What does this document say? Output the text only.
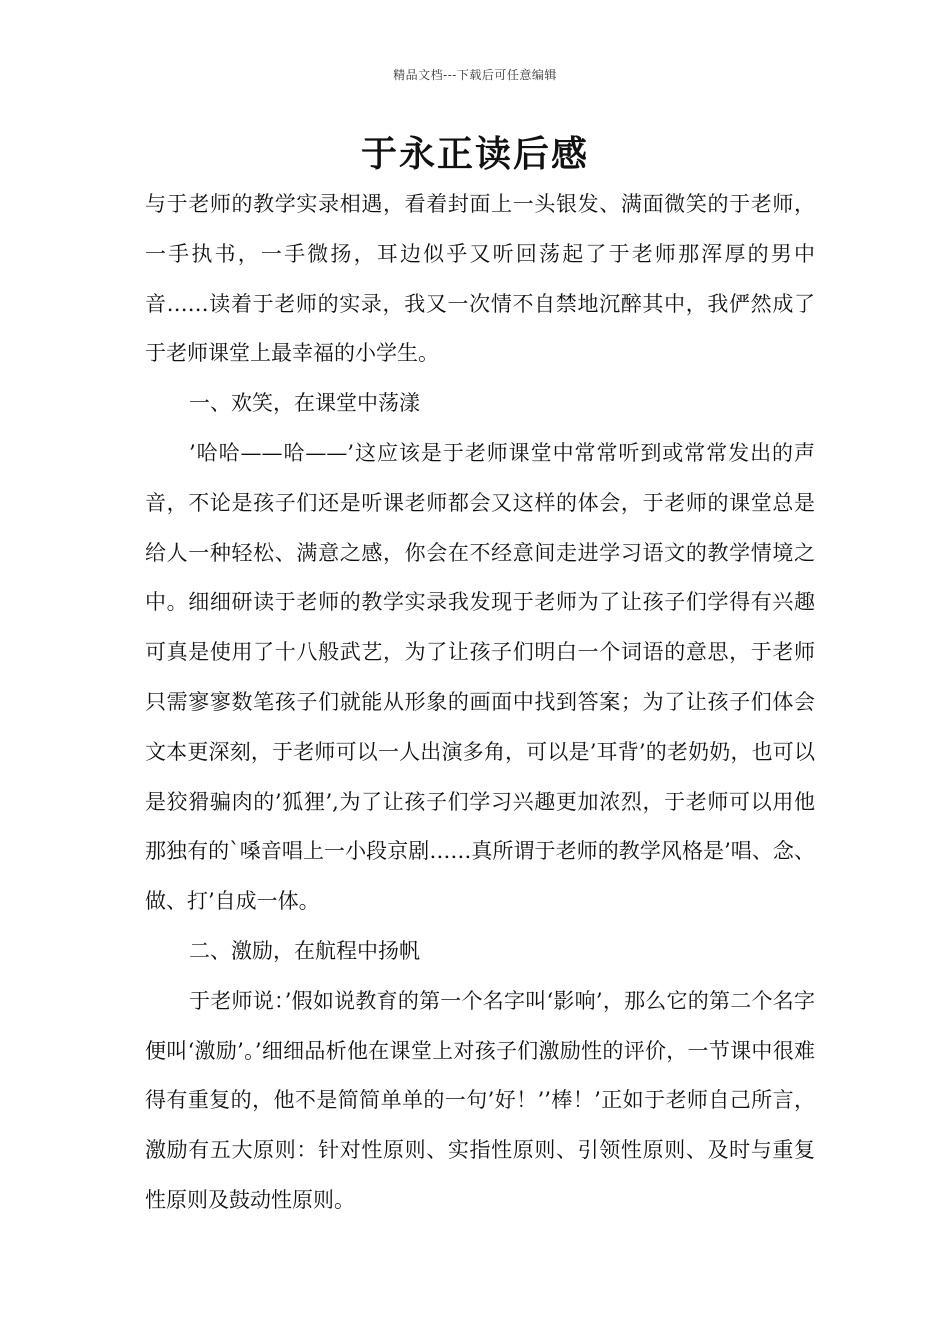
精品文档---下载后可任意编辑
于永正读后感

与于老师的教学实录相遇，看着封面上一头银发、满面微笑的于老师，一手执书，一手微扬，耳边似乎又听回荡起了于老师那浑厚的男中音……读着于老师的实录，我又一次情不自禁地沉醉其中，我俨然成了于老师课堂上最幸福的小学生。

一、欢笑，在课堂中荡漾

’哈哈——哈——’这应该是于老师课堂中常常听到或常常发出的声音，不论是孩子们还是听课老师都会又这样的体会，于老师的课堂总是给人一种轻松、满意之感，你会在不经意间走进学习语文的教学情境之中。细细研读于老师的教学实录我发现于老师为了让孩子们学得有兴趣可真是使用了十八般武艺，为了让孩子们明白一个词语的意思，于老师只需寥寥数笔孩子们就能从形象的画面中找到答案；为了让孩子们体会文本更深刻，于老师可以一人出演多角，可以是’耳背’的老奶奶，也可以是狡猾骗肉的’狐狸’,为了让孩子们学习兴趣更加浓烈，于老师可以用他那独有的`嗓音唱上一小段京剧……真所谓于老师的教学风格是’唱、念、做、打’自成一体。

二、激励，在航程中扬帆

于老师说：’假如说教育的第一个名字叫‘影响’，那么它的第二个名字便叫‘激励’。’细细品析他在课堂上对孩子们激励性的评价，一节课中很难得有重复的，他不是简简单单的一句’好！’’棒！’正如于老师自己所言，激励有五大原则：针对性原则、实指性原则、引领性原则、及时与重复性原则及鼓动性原则。
